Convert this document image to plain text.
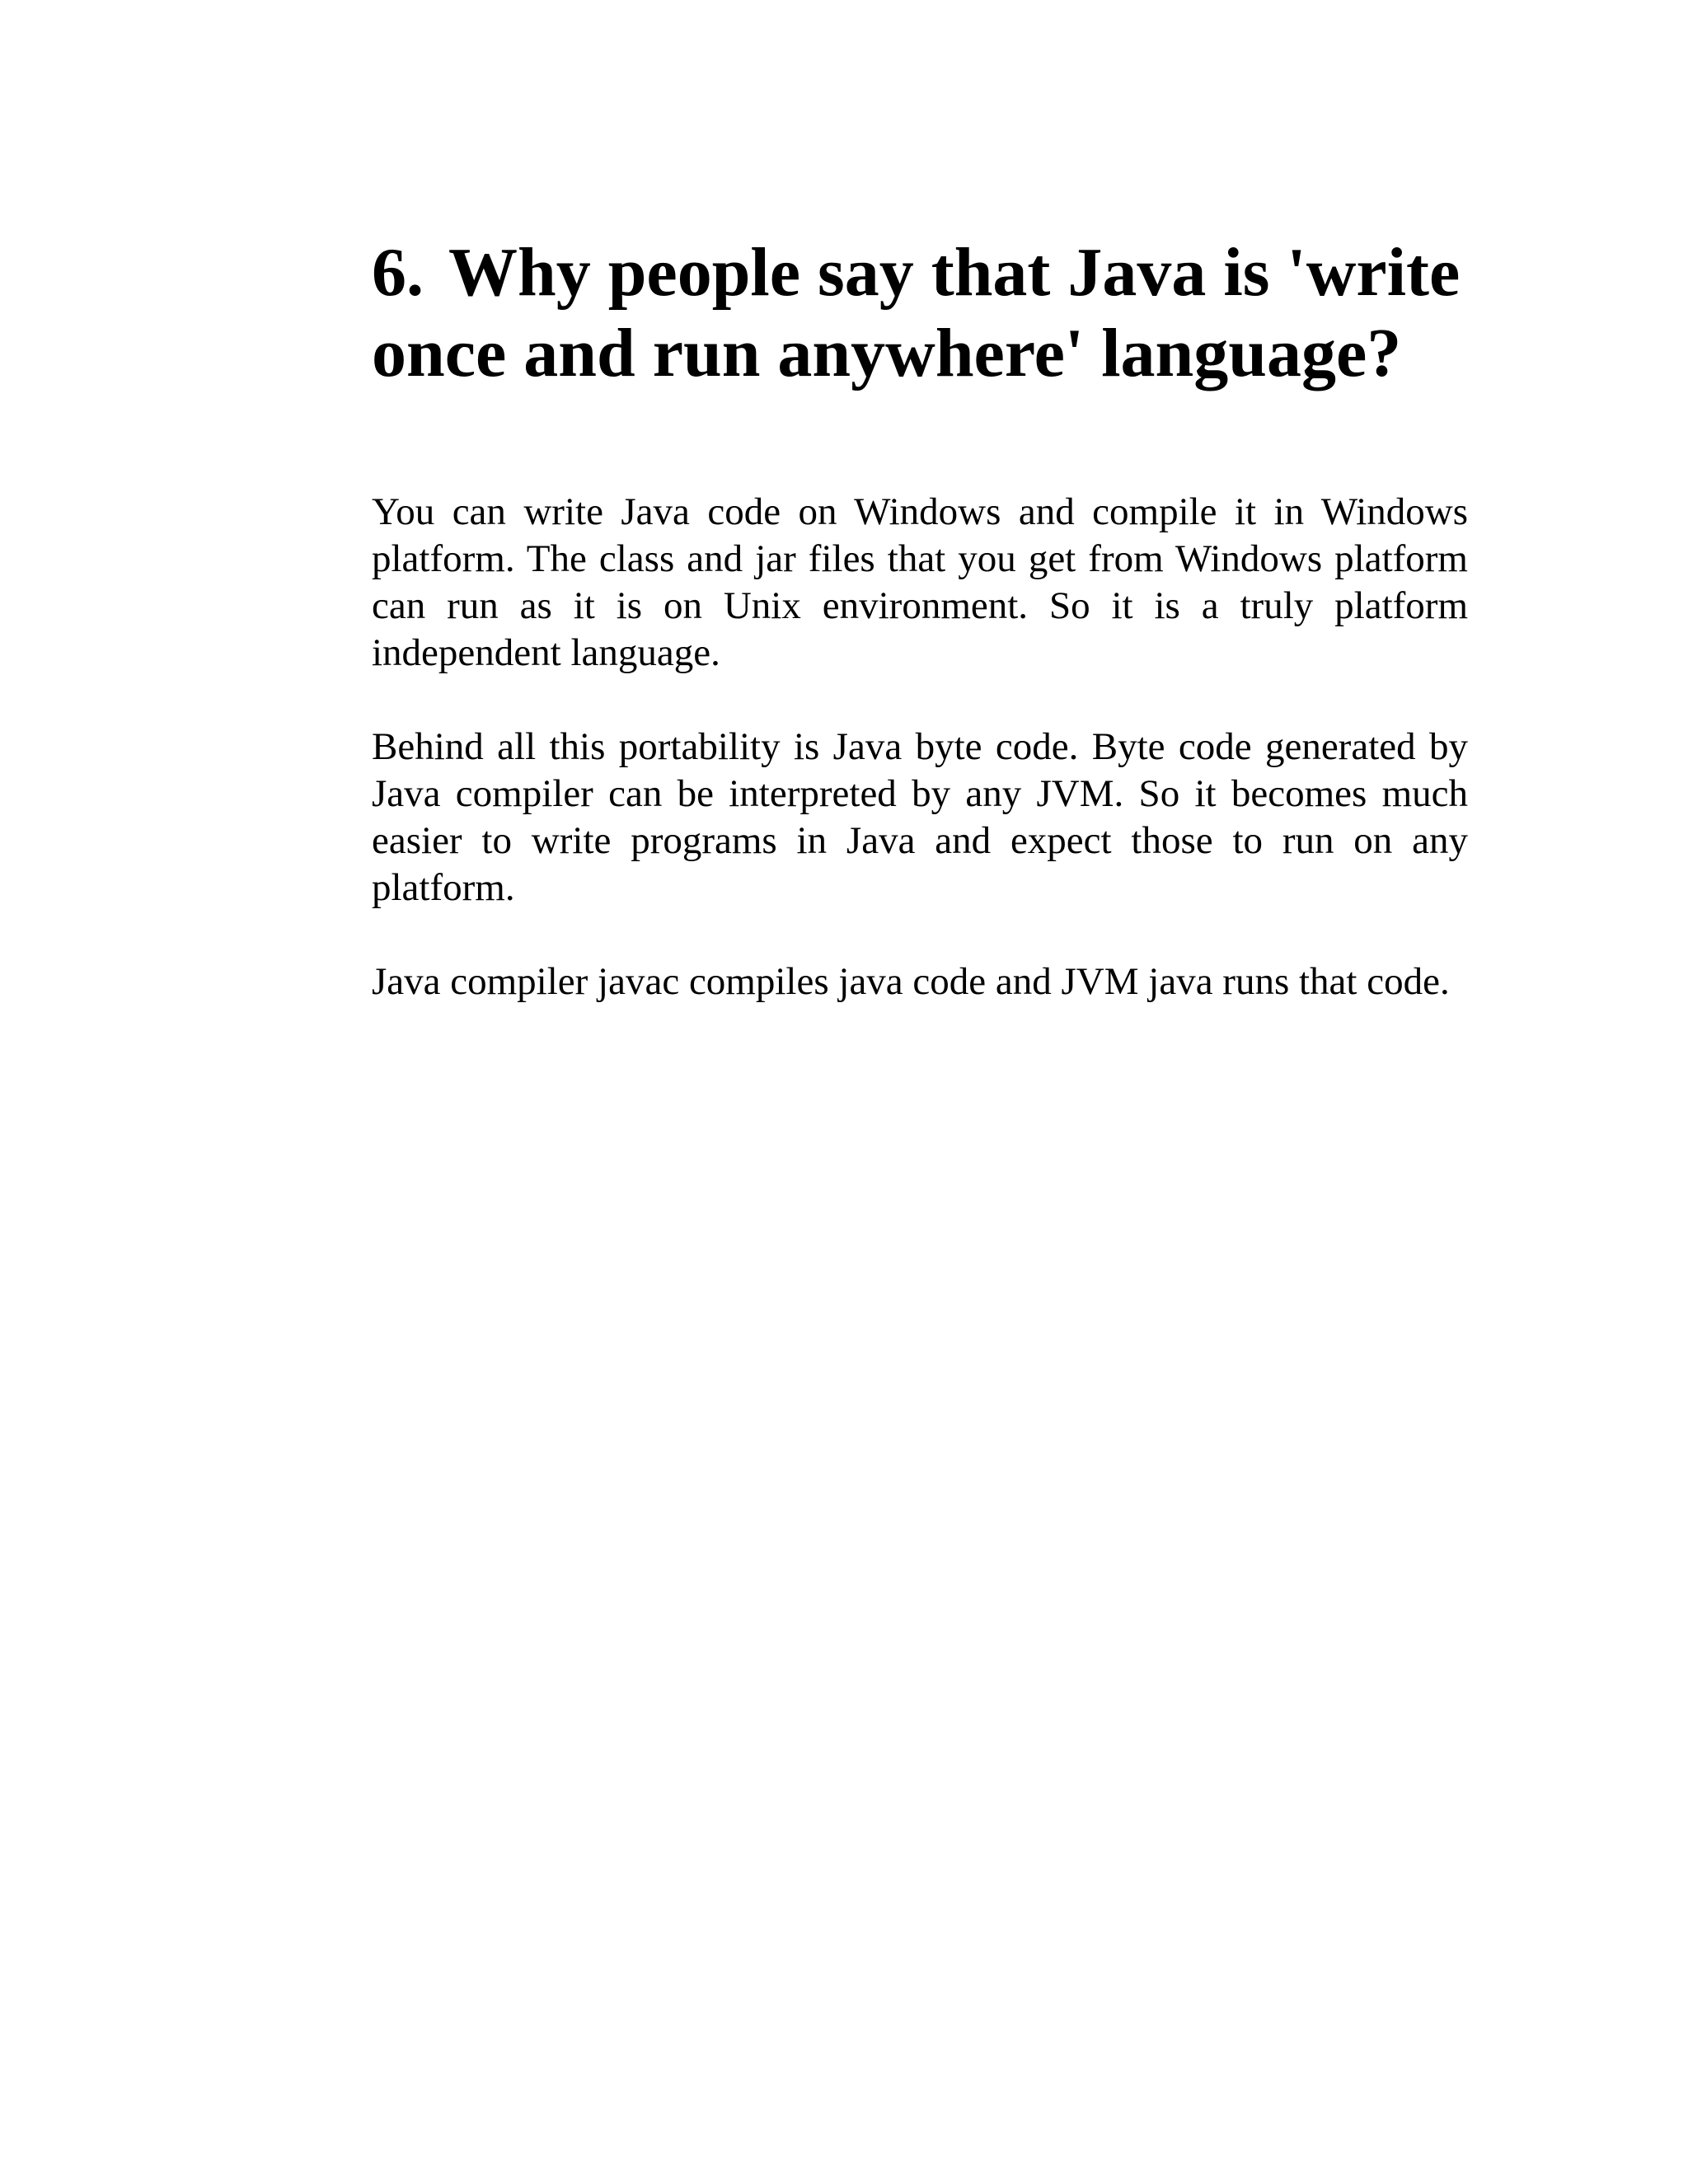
6. Why people say that Java is 'write once and run anywhere' language?

You can write Java code on Windows and compile it in Windows platform. The class and jar files that you get from Windows platform can run as it is on Unix environment. So it is a truly platform independent language.

Behind all this portability is Java byte code. Byte code generated by Java compiler can be interpreted by any JVM. So it becomes much easier to write programs in Java and expect those to run on any platform.

Java compiler javac compiles java code and JVM java runs that code.
